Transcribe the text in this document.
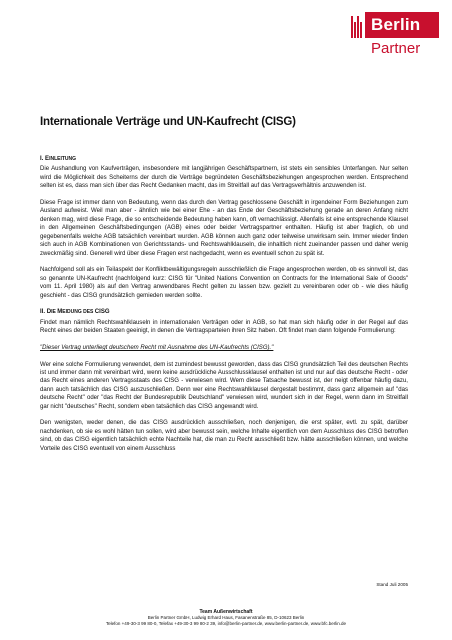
Berlin
Partner
Internationale Verträge und UN-Kaufrecht (CISG)
I. EINLEITUNG

Die Aushandlung von Kaufverträgen, insbesondere mit langjährigen Geschäftspartnern, ist stets ein sensibles Unterfangen. Nur selten wird die Möglichkeit des Scheiterns der durch die Verträge begründeten Geschäftsbeziehungen angesprochen werden. Entsprechend selten ist es, dass man sich über das Recht Gedanken macht, das im Streitfall auf das Vertragsverhältnis anzuwenden ist.

Diese Frage ist immer dann von Bedeutung, wenn das durch den Vertrag geschlossene Geschäft in irgendeiner Form Beziehungen zum Ausland aufweist. Weil man aber - ähnlich wie bei einer Ehe - an das Ende der Geschäftsbeziehung gerade an deren Anfang nicht denken mag, wird diese Frage, die so entscheidende Bedeutung haben kann, oft vernachlässigt. Allenfalls ist eine entsprechende Klausel in den Allgemeinen Geschäftsbedingungen (AGB) eines oder beider Vertragspartner enthalten. Häufig ist aber fraglich, ob und gegebenenfalls welche AGB tatsächlich vereinbart wurden. AGB können auch ganz oder teilweise unwirksam sein. Immer wieder finden sich auch in AGB Kombinationen von Gerichtsstands- und Rechtswahlklauseln, die inhaltlich nicht zueinander passen und daher wenig zweckmäßig sind. Generell wird über diese Fragen erst nachgedacht, wenn es eventuell schon zu spät ist.

Nachfolgend soll als ein Teilaspekt der Konfliktbewältigungsregeln ausschließlich die Frage angesprochen werden, ob es sinnvoll ist, das so genannte UN-Kaufrecht (nachfolgend kurz: CISG für "United Nations Convention on Contracts for the International Sale of Goods" vom 11. April 1980) als auf den Vertrag anwendbares Recht gelten zu lassen bzw. gezielt zu vereinbaren oder ob - wie dies häufig geschieht - das CISG grundsätzlich gemieden werden sollte.

II. DIE MEIDUNG DES CISG

Findet man nämlich Rechtswahlklauseln in internationalen Verträgen oder in AGB, so hat man sich häufig oder in der Regel auf das Recht eines der beiden Staaten geeinigt, in denen die Vertragsparteien ihren Sitz haben. Oft findet man dann folgende Formulierung:

"Dieser Vertrag unterliegt deutschem Recht mit Ausnahme des UN-Kaufrechts (CISG)."

Wer eine solche Formulierung verwendet, dem ist zumindest bewusst geworden, dass das CISG grundsätzlich Teil des deutschen Rechts ist und immer dann mit vereinbart wird, wenn keine ausdrückliche Ausschlussklausel enthalten ist und nur auf das deutsche Recht - oder das Recht eines anderen Vertragsstaats des CISG - verwiesen wird. Wem diese Tatsache bewusst ist, der neigt offenbar häufig dazu, dann auch tatsächlich das CISG auszuschließen. Denn wer eine Rechtswahlklausel dergestalt bestimmt, dass ganz allgemein auf "das deutsche Recht" oder "das Recht der Bundesrepublik Deutschland" verwiesen wird, wundert sich in der Regel, wenn dann im Streitfall gar nicht "deutsches" Recht, sondern eben tatsächlich das CISG angewandt wird.

Den wenigsten, weder denen, die das CISG ausdrücklich ausschließen, noch denjenigen, die erst später, evtl. zu spät, darüber nachdenken, ob sie es wohl hätten tun sollen, wird aber bewusst sein, welche Inhalte eigentlich von dem Ausschluss des CISG betroffen sind, ob das CISG eigentlich tatsächlich echte Nachteile hat, die man zu Recht ausschließt bzw. hätte ausschließen können, und welche Vorteile des CISG eventuell von einem Ausschluss

Stand Juli 2005
Team Außenwirtschaft
Berlin Partner GmbH, Ludwig Erhard Haus, Fasanenstraße 85, D-10623 Berlin
Telefon +49-30-3 99 80-0, Telefax +49-30-3 99 80-2 39, info@berlin-partner.de, www.berlin-partner.de, www.bfc.berlin.de
